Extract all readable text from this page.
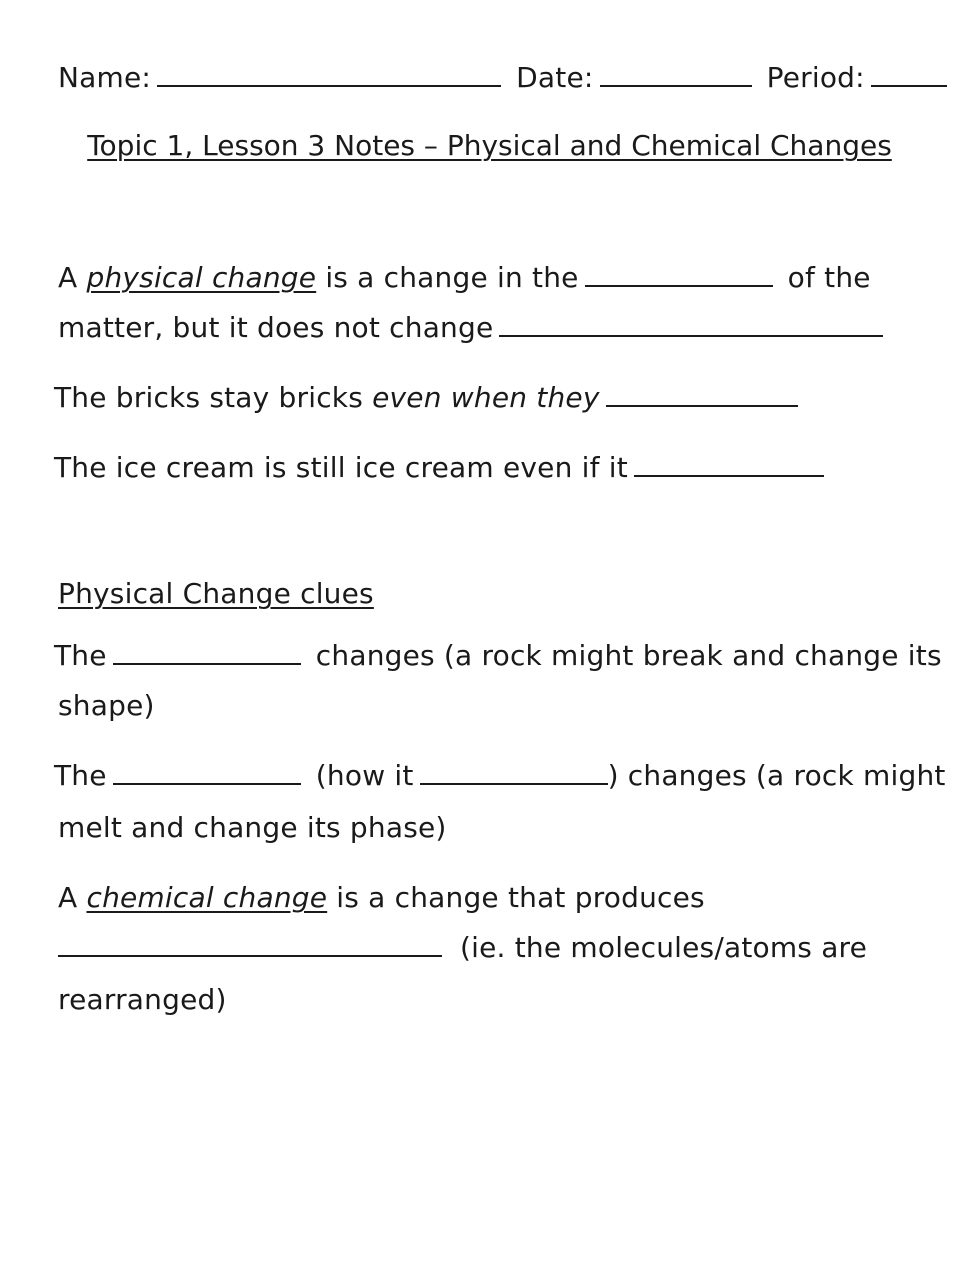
Name:	Date:	Period:
Topic 1, Lesson 3 Notes – Physical and Chemical Changes
A physical change is a change in the	of the
matter, but it does not change
The bricks stay bricks even when they
The ice cream is still ice cream even if it
Physical Change clues
The	changes (a rock might break and change its
shape)
The	(how it	) changes (a rock might
melt and change its phase)
A chemical change is a change that produces
(ie. the molecules/atoms are
rearranged)
